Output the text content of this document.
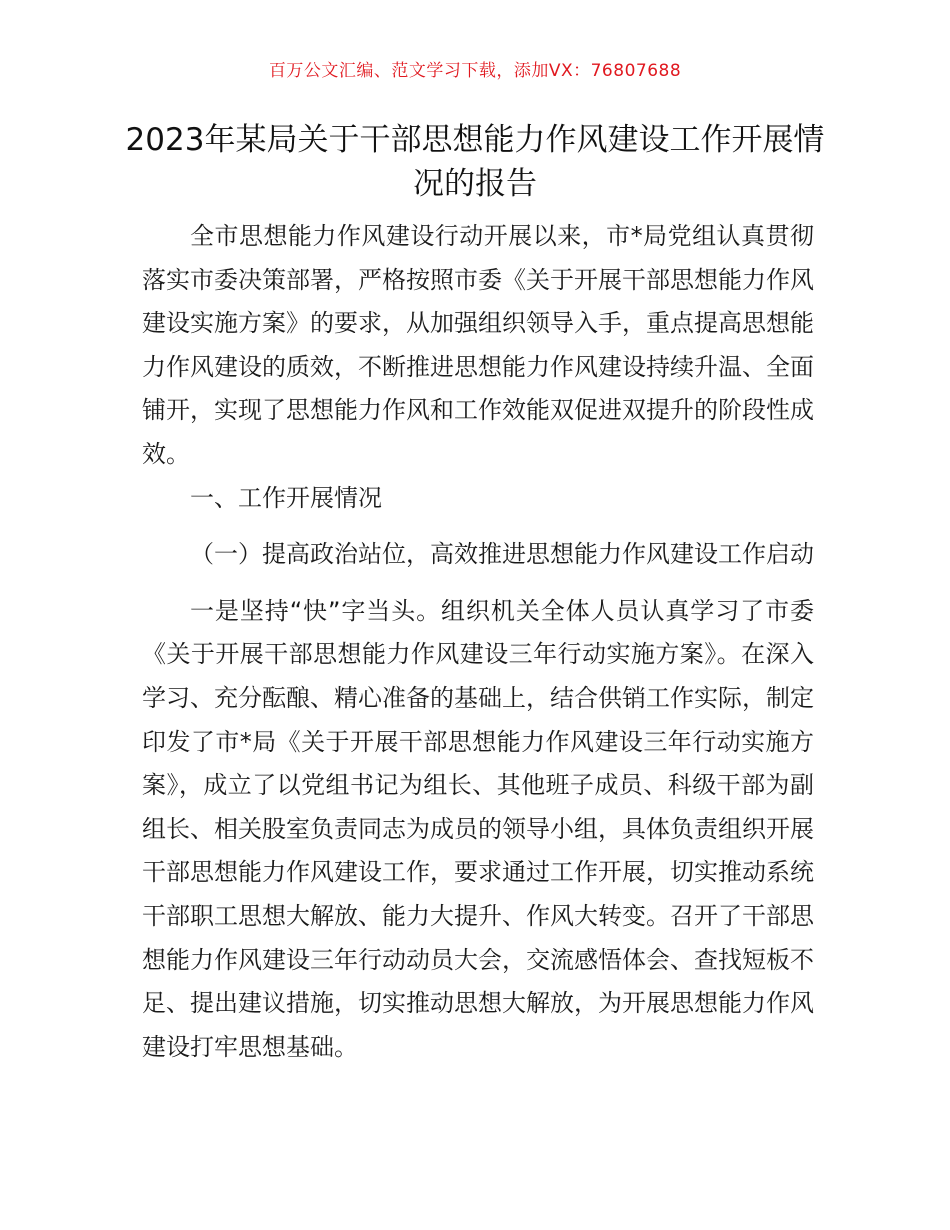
百万公文汇编、范文学习下载，添加VX：76807688
2023年某局关于干部思想能力作风建设工作开展情况的报告

全市思想能力作风建设行动开展以来，市*局党组认真贯彻落实市委决策部署，严格按照市委《关于开展干部思想能力作风建设实施方案》的要求，从加强组织领导入手，重点提高思想能力作风建设的质效，不断推进思想能力作风建设持续升温、全面铺开，实现了思想能力作风和工作效能双促进双提升的阶段性成效。

一、工作开展情况

（一）提高政治站位，高效推进思想能力作风建设工作启动

一是坚持“快”字当头。组织机关全体人员认真学习了市委《关于开展干部思想能力作风建设三年行动实施方案》。在深入学习、充分酝酿、精心准备的基础上，结合供销工作实际，制定印发了市*局《关于开展干部思想能力作风建设三年行动实施方案》，成立了以党组书记为组长、其他班子成员、科级干部为副组长、相关股室负责同志为成员的领导小组，具体负责组织开展干部思想能力作风建设工作，要求通过工作开展，切实推动系统干部职工思想大解放、能力大提升、作风大转变。召开了干部思想能力作风建设三年行动动员大会，交流感悟体会、查找短板不足、提出建议措施，切实推动思想大解放，为开展思想能力作风建设打牢思想基础。
